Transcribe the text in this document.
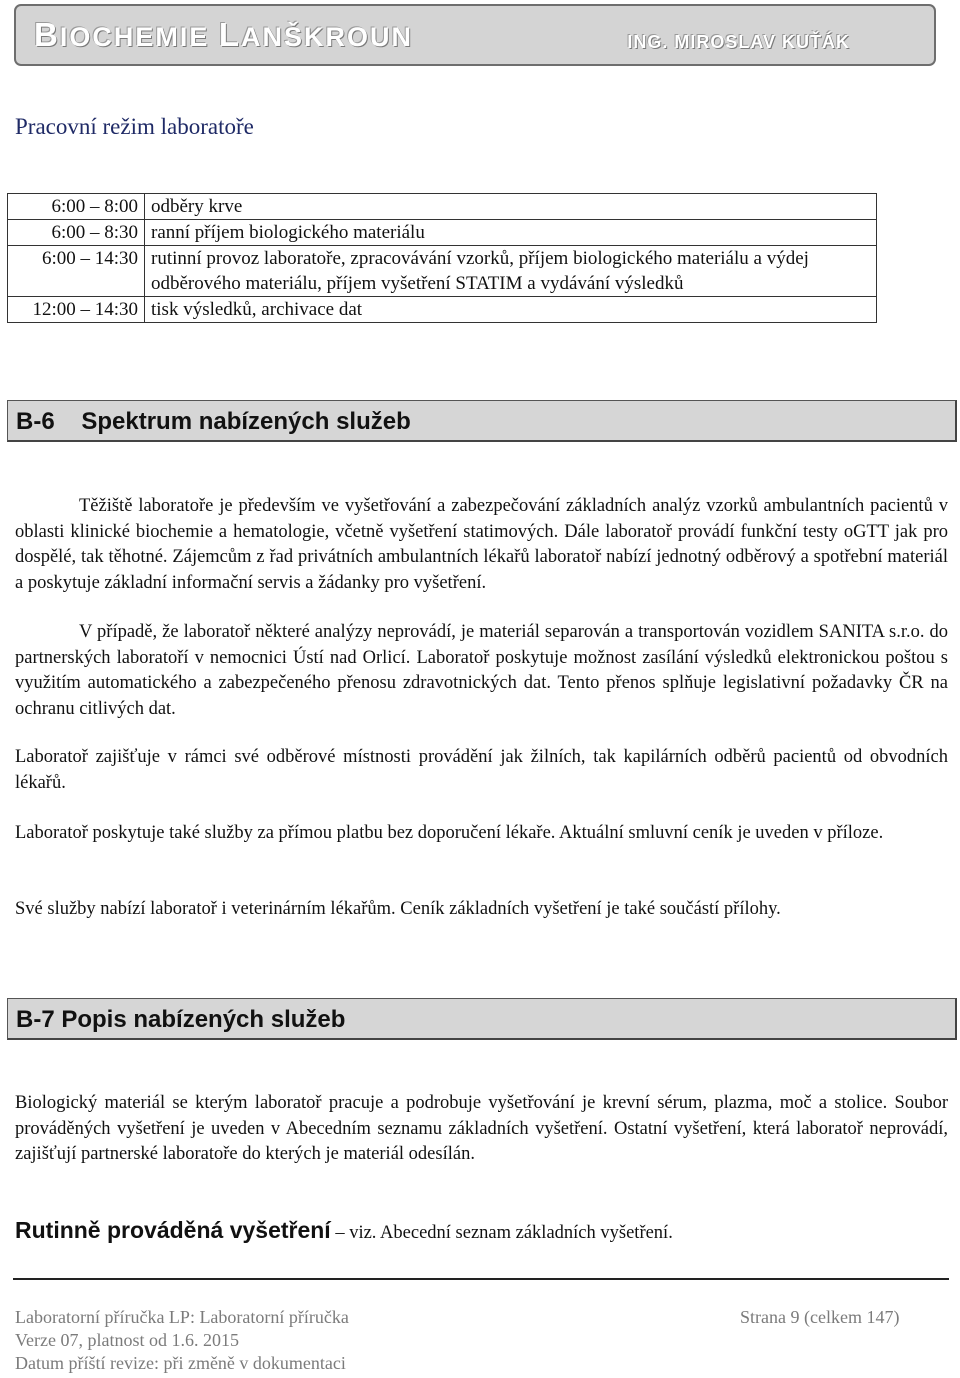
BIOCHEMIE LANŠKROUN	ING. MIROSLAV KUŤÁK
Pracovní režim laboratoře
6:00 – 8:00	odběry krve
6:00 – 8:30	ranní příjem biologického materiálu
6:00 – 14:30	rutinní provoz laboratoře, zpracovávání vzorků, příjem biologického materiálu a výdej odběrového materiálu, příjem vyšetření STATIM a vydávání výsledků
12:00 – 14:30	tisk výsledků, archivace dat
B-6    Spektrum nabízených služeb
Těžiště laboratoře je především ve vyšetřování a zabezpečování základních analýz vzorků ambulantních pacientů v oblasti klinické biochemie a hematologie, včetně vyšetření statimových. Dále laboratoř provádí funkční testy oGTT jak pro dospělé, tak těhotné. Zájemcům z řad privátních ambulantních lékařů laboratoř nabízí jednotný odběrový a spotřební materiál a poskytuje základní informační servis a žádanky pro vyšetření.
V případě, že laboratoř některé analýzy neprovádí, je materiál separován a transportován vozidlem SANITA s.r.o. do partnerských laboratoří v nemocnici Ústí nad Orlicí. Laboratoř poskytuje možnost zasílání výsledků elektronickou poštou s využitím automatického a zabezpečeného přenosu zdravotnických dat. Tento přenos splňuje legislativní požadavky ČR na ochranu citlivých dat.
Laboratoř zajišťuje v rámci své odběrové místnosti provádění jak žilních, tak kapilárních odběrů pacientů od obvodních lékařů.
Laboratoř poskytuje také služby za přímou platbu bez doporučení lékaře. Aktuální smluvní ceník je uveden v příloze.
Své služby nabízí laboratoř i veterinárním lékařům. Ceník základních vyšetření je také součástí přílohy.
B-7 Popis nabízených služeb
Biologický materiál se kterým laboratoř pracuje a podrobuje vyšetřování je krevní sérum, plazma, moč a stolice. Soubor prováděných vyšetření je uveden v Abecedním seznamu základních vyšetření. Ostatní vyšetření, která laboratoř neprovádí, zajišťují partnerské laboratoře do kterých je materiál odesílán.
Rutinně prováděná vyšetření – viz. Abecední seznam základních vyšetření.
Laboratorní příručka LP: Laboratorní příručka	Strana 9 (celkem 147)
Verze 07, platnost od 1.6. 2015
Datum příští revize: při změně v dokumentaci
